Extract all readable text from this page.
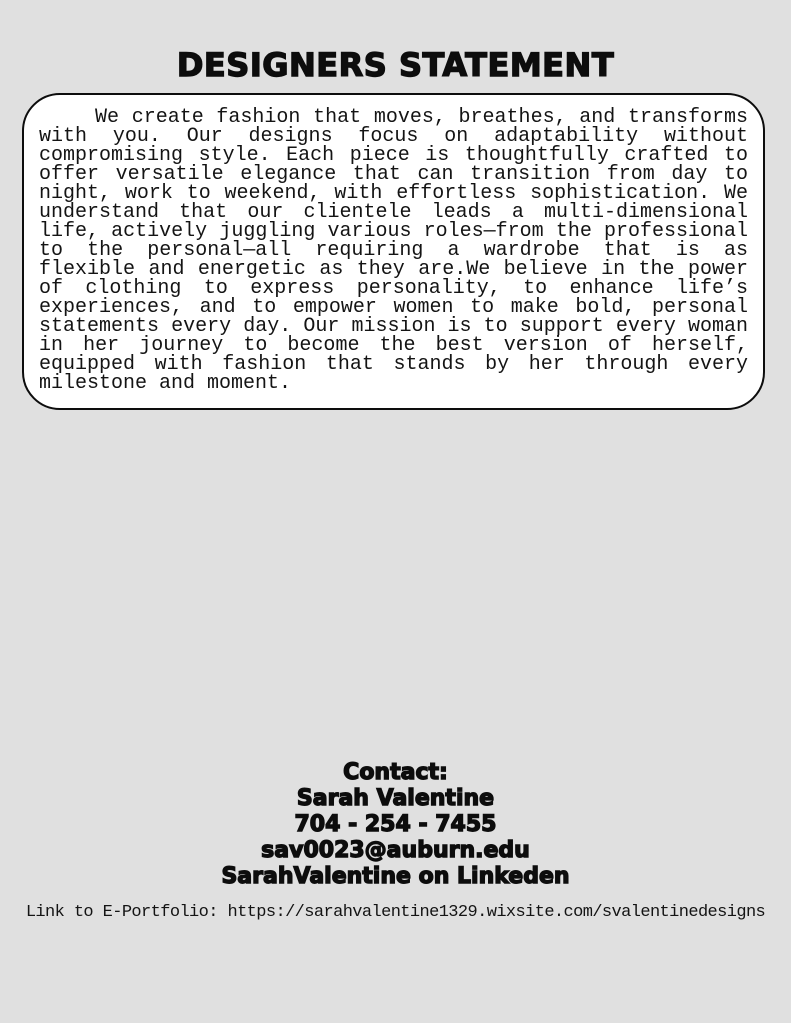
DESIGNERS STATEMENT

We create fashion that moves, breathes, and transforms with you. Our designs focus on adaptability without compromising style. Each piece is thoughtfully crafted to offer versatile elegance that can transition from day to night, work to weekend, with effortless sophistication. We understand that our clientele leads a multi-dimensional life, actively juggling various roles—from the professional to the personal—all requiring a wardrobe that is as flexible and energetic as they are.We believe in the power of clothing to express personality, to enhance life’s experiences, and to empower women to make bold, personal statements every day. Our mission is to support every woman in her journey to become the best version of herself, equipped with fashion that stands by her through every milestone and moment.

Contact:
Sarah Valentine
704 - 254 - 7455
sav0023@auburn.edu
SarahValentine on Linkeden
Link to E-Portfolio: https://sarahvalentine1329.wixsite.com/svalentinedesigns
